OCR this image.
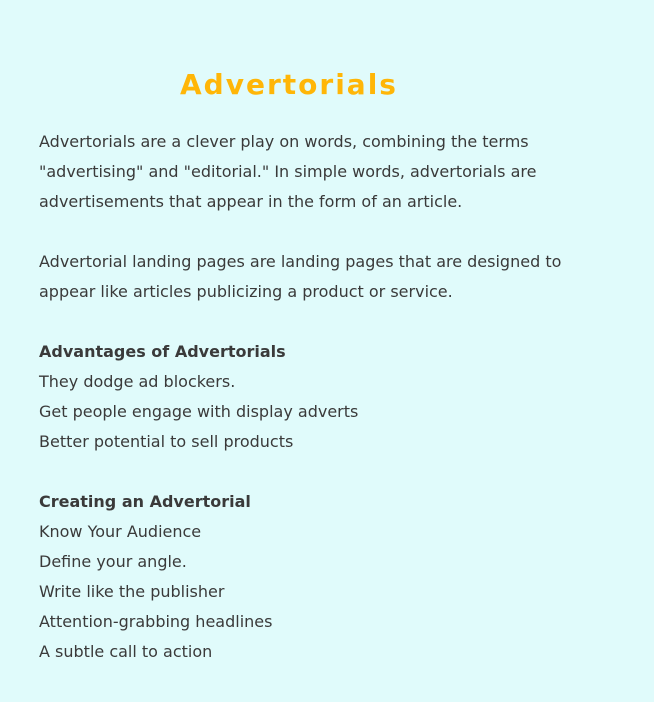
Advertorials
Advertorials are a clever play on words, combining the terms
"advertising" and "editorial." In simple words, advertorials are
advertisements that appear in the form of an article.
Advertorial landing pages are landing pages that are designed to
appear like articles publicizing a product or service.
Advantages of Advertorials
They dodge ad blockers.
Get people engage with display adverts
Better potential to sell products
Creating an Advertorial
Know Your Audience
Define your angle.
Write like the publisher
Attention-grabbing headlines
A subtle call to action
